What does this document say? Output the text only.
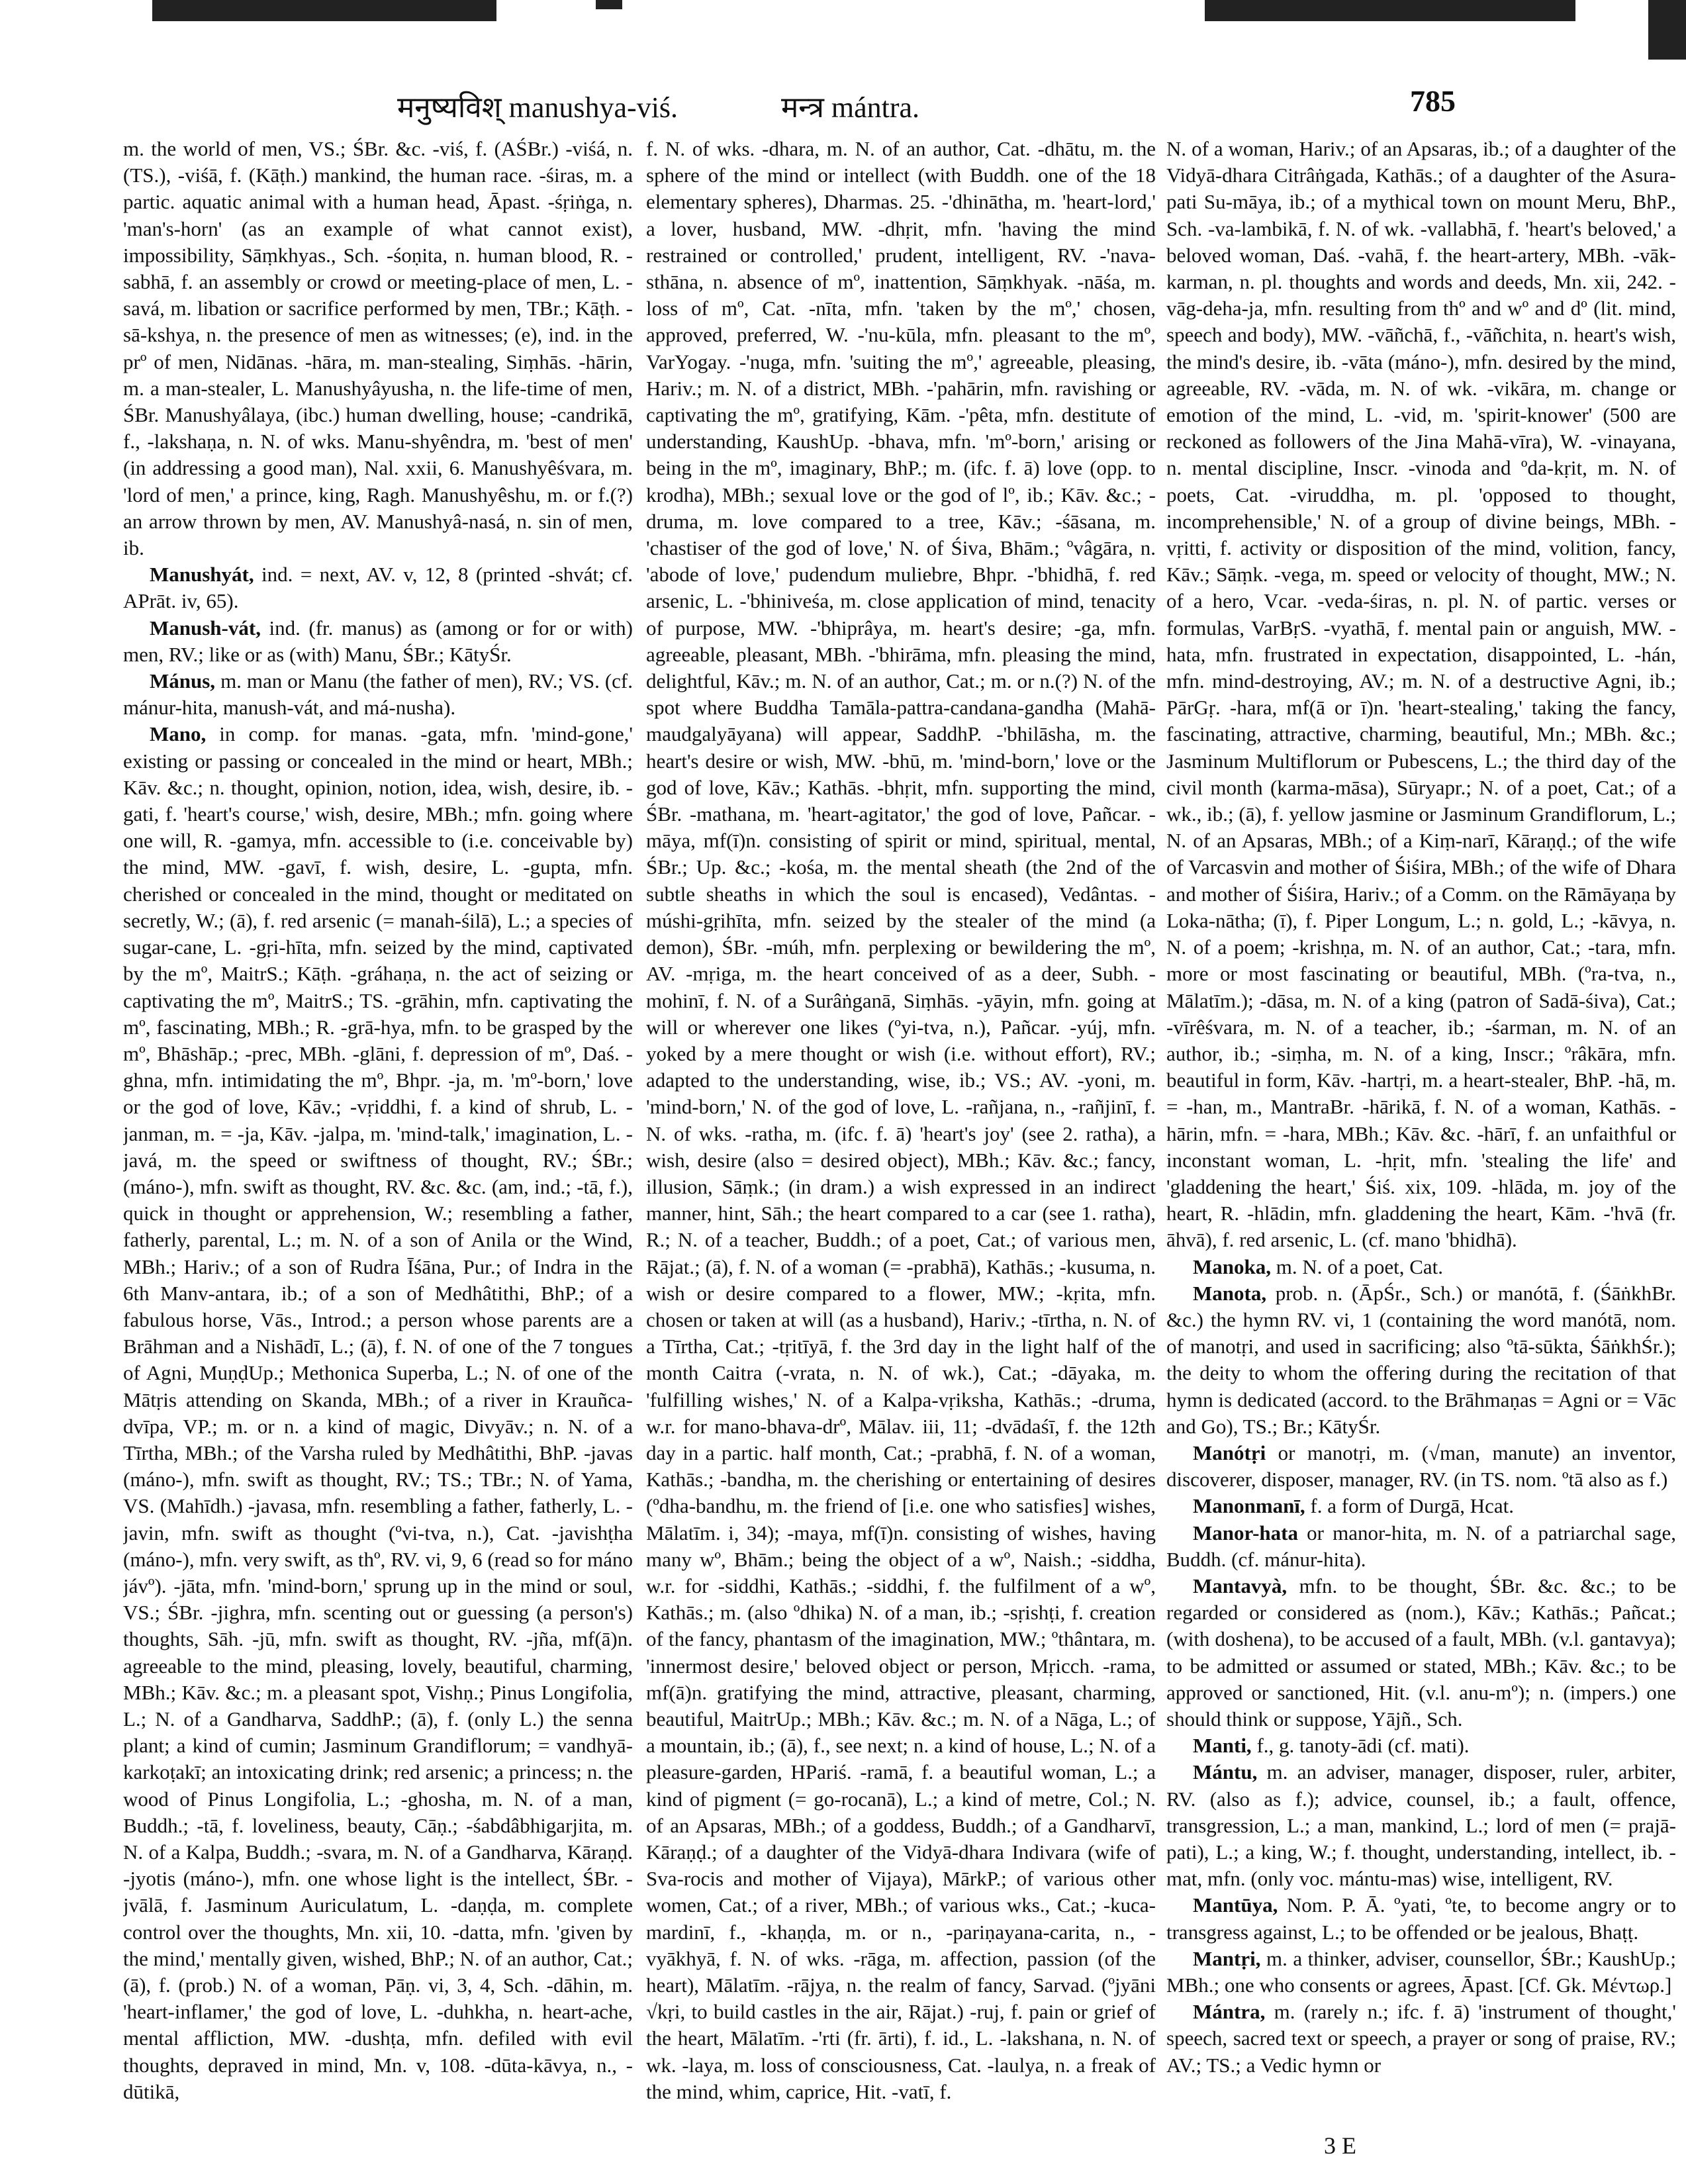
मनुष्यविश् manushya-viś.	मन्त्र mántra.	785

m. the world of men, VS.; ŚBr. &c. -viś, f. (AŚBr.) -viśá, n. (TS.), -viśā, f. (Kāṭh.) mankind, the human race. -śiras, m. a partic. aquatic animal with a human head, Āpast. -śṛiṅga, n. 'man's-horn' (as an example of what cannot exist), impossibility, Sāṃkhyas., Sch. -śoṇita, n. human blood, R. -sabhā, f. an assembly or crowd or meeting-place of men, L. -savá, m. libation or sacrifice performed by men, TBr.; Kāṭh. -sā-kshya, n. the presence of men as witnesses; (e), ind. in the prº of men, Nidānas. -hāra, m. man-stealing, Siṃhās. -hārin, m. a man-stealer, L. Manushyâyusha, n. the life-time of men, ŚBr. Manushyâlaya, (ibc.) human dwelling, house; -candrikā, f., -lakshaṇa, n. N. of wks. Manu-shyêndra, m. 'best of men' (in addressing a good man), Nal. xxii, 6. Manushyêśvara, m. 'lord of men,' a prince, king, Ragh. Manushyêshu, m. or f.(?) an arrow thrown by men, AV. Manushyâ-nasá, n. sin of men, ib.

Manushyát, ind. = next, AV. v, 12, 8 (printed -shvát; cf. APrāt. iv, 65).

Manush-vát, ind. (fr. manus) as (among or for or with) men, RV.; like or as (with) Manu, ŚBr.; KātyŚr.

Mánus, m. man or Manu (the father of men), RV.; VS. (cf. mánur-hita, manush-vát, and má-nusha).

Mano, in comp. for manas. -gata, mfn. 'mind-gone,' existing or passing or concealed in the mind or heart, MBh.; Kāv. &c.; n. thought, opinion, notion, idea, wish, desire, ib. -gati, f. 'heart's course,' wish, desire, MBh.; mfn. going where one will, R. -gamya, mfn. accessible to (i.e. conceivable by) the mind, MW. -gavī, f. wish, desire, L. -gupta, mfn. cherished or concealed in the mind, thought or meditated on secretly, W.; (ā), f. red arsenic (= manah-śilā), L.; a species of sugar-cane, L. -gṛi-hīta, mfn. seized by the mind, captivated by the mº, MaitrS.; Kāṭh. -gráhaṇa, n. the act of seizing or captivating the mº, MaitrS.; TS. -grāhin, mfn. captivating the mº, fascinating, MBh.; R. -grā-hya, mfn. to be grasped by the mº, Bhāshāp.; -prec, MBh. -glāni, f. depression of mº, Daś. -ghna, mfn. intimidating the mº, Bhpr. -ja, m. 'mº-born,' love or the god of love, Kāv.; -vṛiddhi, f. a kind of shrub, L. -janman, m. = -ja, Kāv. -jalpa, m. 'mind-talk,' imagination, L. -javá, m. the speed or swiftness of thought, RV.; ŚBr.; (máno-), mfn. swift as thought, RV. &c. &c. (am, ind.; -tā, f.), quick in thought or apprehension, W.; resembling a father, fatherly, parental, L.; m. N. of a son of Anila or the Wind, MBh.; Hariv.; of a son of Rudra Īśāna, Pur.; of Indra in the 6th Manv-antara, ib.; of a son of Medhâtithi, BhP.; of a fabulous horse, Vās., Introd.; a person whose parents are a Brāhman and a Nishādī, L.; (ā), f. N. of one of the 7 tongues of Agni, MuṇḍUp.; Methonica Superba, L.; N. of one of the Mātṛis attending on Skanda, MBh.; of a river in Krauñca-dvīpa, VP.; m. or n. a kind of magic, Divyāv.; n. N. of a Tīrtha, MBh.; of the Varsha ruled by Medhâtithi, BhP. -javas (máno-), mfn. swift as thought, RV.; TS.; TBr.; N. of Yama, VS. (Mahīdh.) -javasa, mfn. resembling a father, fatherly, L. -javin, mfn. swift as thought (ºvi-tva, n.), Cat. -javishṭha (máno-), mfn. very swift, as thº, RV. vi, 9, 6 (read so for máno jávº). -jāta, mfn. 'mind-born,' sprung up in the mind or soul, VS.; ŚBr. -jighra, mfn. scenting out or guessing (a person's) thoughts, Sāh. -jū, mfn. swift as thought, RV. -jña, mf(ā)n. agreeable to the mind, pleasing, lovely, beautiful, charming, MBh.; Kāv. &c.; m. a pleasant spot, Vishṇ.; Pinus Longifolia, L.; N. of a Gandharva, SaddhP.; (ā), f. (only L.) the senna plant; a kind of cumin; Jasminum Grandiflorum; = vandhyā-karkoṭakī; an intoxicating drink; red arsenic; a princess; n. the wood of Pinus Longifolia, L.; -ghosha, m. N. of a man, Buddh.; -tā, f. loveliness, beauty, Cāṇ.; -śabdâbhigarjita, m. N. of a Kalpa, Buddh.; -svara, m. N. of a Gandharva, Kāraṇḍ. -jyotis (máno-), mfn. one whose light is the intellect, ŚBr. -jvālā, f. Jasminum Auriculatum, L. -daṇḍa, m. complete control over the thoughts, Mn. xii, 10. -datta, mfn. 'given by the mind,' mentally given, wished, BhP.; N. of an author, Cat.; (ā), f. (prob.) N. of a woman, Pāṇ. vi, 3, 4, Sch. -dāhin, m. 'heart-inflamer,' the god of love, L. -duhkha, n. heart-ache, mental affliction, MW. -dushṭa, mfn. defiled with evil thoughts, depraved in mind, Mn. v, 108. -dūta-kāvya, n., -dūtikā,

f. N. of wks. -dhara, m. N. of an author, Cat. -dhātu, m. the sphere of the mind or intellect (with Buddh. one of the 18 elementary spheres), Dharmas. 25. -'dhinātha, m. 'heart-lord,' a lover, husband, MW. -dhṛit, mfn. 'having the mind restrained or controlled,' prudent, intelligent, RV. -'nava-sthāna, n. absence of mº, inattention, Sāṃkhyak. -nāśa, m. loss of mº, Cat. -nīta, mfn. 'taken by the mº,' chosen, approved, preferred, W. -'nu-kūla, mfn. pleasant to the mº, VarYogay. -'nuga, mfn. 'suiting the mº,' agreeable, pleasing, Hariv.; m. N. of a district, MBh. -'pahārin, mfn. ravishing or captivating the mº, gratifying, Kām. -'pêta, mfn. destitute of understanding, KaushUp. -bhava, mfn. 'mº-born,' arising or being in the mº, imaginary, BhP.; m. (ifc. f. ā) love (opp. to krodha), MBh.; sexual love or the god of lº, ib.; Kāv. &c.; -druma, m. love compared to a tree, Kāv.; -śāsana, m. 'chastiser of the god of love,' N. of Śiva, Bhām.; ºvâgāra, n. 'abode of love,' pudendum muliebre, Bhpr. -'bhidhā, f. red arsenic, L. -'bhiniveśa, m. close application of mind, tenacity of purpose, MW. -'bhiprâya, m. heart's desire; -ga, mfn. agreeable, pleasant, MBh. -'bhirāma, mfn. pleasing the mind, delightful, Kāv.; m. N. of an author, Cat.; m. or n.(?) N. of the spot where Buddha Tamāla-pattra-candana-gandha (Mahā-maudgalyāyana) will appear, SaddhP. -'bhilāsha, m. the heart's desire or wish, MW. -bhū, m. 'mind-born,' love or the god of love, Kāv.; Kathās. -bhṛit, mfn. supporting the mind, ŚBr. -mathana, m. 'heart-agitator,' the god of love, Pañcar. -māya, mf(ī)n. consisting of spirit or mind, spiritual, mental, ŚBr.; Up. &c.; -kośa, m. the mental sheath (the 2nd of the subtle sheaths in which the soul is encased), Vedântas. -múshi-gṛihīta, mfn. seized by the stealer of the mind (a demon), ŚBr. -múh, mfn. perplexing or bewildering the mº, AV. -mṛiga, m. the heart conceived of as a deer, Subh. -mohinī, f. N. of a Surâṅganā, Siṃhās. -yāyin, mfn. going at will or wherever one likes (ºyi-tva, n.), Pañcar. -yúj, mfn. yoked by a mere thought or wish (i.e. without effort), RV.; adapted to the understanding, wise, ib.; VS.; AV. -yoni, m. 'mind-born,' N. of the god of love, L. -rañjana, n., -rañjinī, f. N. of wks. -ratha, m. (ifc. f. ā) 'heart's joy' (see 2. ratha), a wish, desire (also = desired object), MBh.; Kāv. &c.; fancy, illusion, Sāṃk.; (in dram.) a wish expressed in an indirect manner, hint, Sāh.; the heart compared to a car (see 1. ratha), R.; N. of a teacher, Buddh.; of a poet, Cat.; of various men, Rājat.; (ā), f. N. of a woman (= -prabhā), Kathās.; -kusuma, n. wish or desire compared to a flower, MW.; -kṛita, mfn. chosen or taken at will (as a husband), Hariv.; -tīrtha, n. N. of a Tīrtha, Cat.; -tṛitīyā, f. the 3rd day in the light half of the month Caitra (-vrata, n. N. of wk.), Cat.; -dāyaka, m. 'fulfilling wishes,' N. of a Kalpa-vṛiksha, Kathās.; -druma, w.r. for mano-bhava-drº, Mālav. iii, 11; -dvādaśī, f. the 12th day in a partic. half month, Cat.; -prabhā, f. N. of a woman, Kathās.; -bandha, m. the cherishing or entertaining of desires (ºdha-bandhu, m. the friend of [i.e. one who satisfies] wishes, Mālatīm. i, 34); -maya, mf(ī)n. consisting of wishes, having many wº, Bhām.; being the object of a wº, Naish.; -siddha, w.r. for -siddhi, Kathās.; -siddhi, f. the fulfilment of a wº, Kathās.; m. (also ºdhika) N. of a man, ib.; -sṛishṭi, f. creation of the fancy, phantasm of the imagination, MW.; ºthântara, m. 'innermost desire,' beloved object or person, Mṛicch. -rama, mf(ā)n. gratifying the mind, attractive, pleasant, charming, beautiful, MaitrUp.; MBh.; Kāv. &c.; m. N. of a Nāga, L.; of a mountain, ib.; (ā), f., see next; n. a kind of house, L.; N. of a pleasure-garden, HPariś. -ramā, f. a beautiful woman, L.; a kind of pigment (= go-rocanā), L.; a kind of metre, Col.; N. of an Apsaras, MBh.; of a goddess, Buddh.; of a Gandharvī, Kāraṇḍ.; of a daughter of the Vidyā-dhara Indivara (wife of Sva-rocis and mother of Vijaya), MārkP.; of various other women, Cat.; of a river, MBh.; of various wks., Cat.; -kuca-mardinī, f., -khaṇḍa, m. or n., -pariṇayana-carita, n., -vyākhyā, f. N. of wks. -rāga, m. affection, passion (of the heart), Mālatīm. -rājya, n. the realm of fancy, Sarvad. (ºjyāni √kṛi, to build castles in the air, Rājat.) -ruj, f. pain or grief of the heart, Mālatīm. -'rti (fr. ārti), f. id., L. -lakshana, n. N. of wk. -laya, m. loss of consciousness, Cat. -laulya, n. a freak of the mind, whim, caprice, Hit. -vatī, f.

N. of a woman, Hariv.; of an Apsaras, ib.; of a daughter of the Vidyā-dhara Citrâṅgada, Kathās.; of a daughter of the Asura-pati Su-māya, ib.; of a mythical town on mount Meru, BhP., Sch. -va-lambikā, f. N. of wk. -vallabhā, f. 'heart's beloved,' a beloved woman, Daś. -vahā, f. the heart-artery, MBh. -vāk-karman, n. pl. thoughts and words and deeds, Mn. xii, 242. -vāg-deha-ja, mfn. resulting from thº and wº and dº (lit. mind, speech and body), MW. -vāñchā, f., -vāñchita, n. heart's wish, the mind's desire, ib. -vāta (máno-), mfn. desired by the mind, agreeable, RV. -vāda, m. N. of wk. -vikāra, m. change or emotion of the mind, L. -vid, m. 'spirit-knower' (500 are reckoned as followers of the Jina Mahā-vīra), W. -vinayana, n. mental discipline, Inscr. -vinoda and ºda-kṛit, m. N. of poets, Cat. -viruddha, m. pl. 'opposed to thought, incomprehensible,' N. of a group of divine beings, MBh. -vṛitti, f. activity or disposition of the mind, volition, fancy, Kāv.; Sāṃk. -vega, m. speed or velocity of thought, MW.; N. of a hero, Vcar. -veda-śiras, n. pl. N. of partic. verses or formulas, VarBṛS. -vyathā, f. mental pain or anguish, MW. -hata, mfn. frustrated in expectation, disappointed, L. -hán, mfn. mind-destroying, AV.; m. N. of a destructive Agni, ib.; PārGṛ. -hara, mf(ā or ī)n. 'heart-stealing,' taking the fancy, fascinating, attractive, charming, beautiful, Mn.; MBh. &c.; Jasminum Multiflorum or Pubescens, L.; the third day of the civil month (karma-māsa), Sūryapr.; N. of a poet, Cat.; of a wk., ib.; (ā), f. yellow jasmine or Jasminum Grandiflorum, L.; N. of an Apsaras, MBh.; of a Kiṃ-narī, Kāraṇḍ.; of the wife of Varcasvin and mother of Śiśira, MBh.; of the wife of Dhara and mother of Śiśira, Hariv.; of a Comm. on the Rāmāyaṇa by Loka-nātha; (ī), f. Piper Longum, L.; n. gold, L.; -kāvya, n. N. of a poem; -krishṇa, m. N. of an author, Cat.; -tara, mfn. more or most fascinating or beautiful, MBh. (ºra-tva, n., Mālatīm.); -dāsa, m. N. of a king (patron of Sadā-śiva), Cat.; -vīrêśvara, m. N. of a teacher, ib.; -śarman, m. N. of an author, ib.; -siṃha, m. N. of a king, Inscr.; ºrâkāra, mfn. beautiful in form, Kāv. -hartṛi, m. a heart-stealer, BhP. -hā, m. = -han, m., MantraBr. -hārikā, f. N. of a woman, Kathās. -hārin, mfn. = -hara, MBh.; Kāv. &c. -hārī, f. an unfaithful or inconstant woman, L. -hṛit, mfn. 'stealing the life' and 'gladdening the heart,' Śiś. xix, 109. -hlāda, m. joy of the heart, R. -hlādin, mfn. gladdening the heart, Kām. -'hvā (fr. āhvā), f. red arsenic, L. (cf. mano 'bhidhā).

Manoka, m. N. of a poet, Cat.

Manota, prob. n. (ĀpŚr., Sch.) or manótā, f. (ŚāṅkhBr. &c.) the hymn RV. vi, 1 (containing the word manótā, nom. of manotṛi, and used in sacrificing; also ºtā-sūkta, ŚāṅkhŚr.); the deity to whom the offering during the recitation of that hymn is dedicated (accord. to the Brāhmaṇas = Agni or = Vāc and Go), TS.; Br.; KātyŚr.

Manótṛi or manotṛi, m. (√man, manute) an inventor, discoverer, disposer, manager, RV. (in TS. nom. ºtā also as f.)

Manonmanī, f. a form of Durgā, Hcat.

Manor-hata or manor-hita, m. N. of a patriarchal sage, Buddh. (cf. mánur-hita).

Mantavyà, mfn. to be thought, ŚBr. &c. &c.; to be regarded or considered as (nom.), Kāv.; Kathās.; Pañcat.; (with doshena), to be accused of a fault, MBh. (v.l. gantavya); to be admitted or assumed or stated, MBh.; Kāv. &c.; to be approved or sanctioned, Hit. (v.l. anu-mº); n. (impers.) one should think or suppose, Yājñ., Sch.

Manti, f., g. tanoty-ādi (cf. mati).

Mántu, m. an adviser, manager, disposer, ruler, arbiter, RV. (also as f.); advice, counsel, ib.; a fault, offence, transgression, L.; a man, mankind, L.; lord of men (= prajā-pati), L.; a king, W.; f. thought, understanding, intellect, ib. -mat, mfn. (only voc. mántu-mas) wise, intelligent, RV.

Mantūya, Nom. P. Ā. ºyati, ºte, to become angry or to transgress against, L.; to be offended or be jealous, Bhaṭṭ.

Mantṛi, m. a thinker, adviser, counsellor, ŚBr.; KaushUp.; MBh.; one who consents or agrees, Āpast. [Cf. Gk. Μέντωρ.]

Mántra, m. (rarely n.; ifc. f. ā) 'instrument of thought,' speech, sacred text or speech, a prayer or song of praise, RV.; AV.; TS.; a Vedic hymn or

3 E
